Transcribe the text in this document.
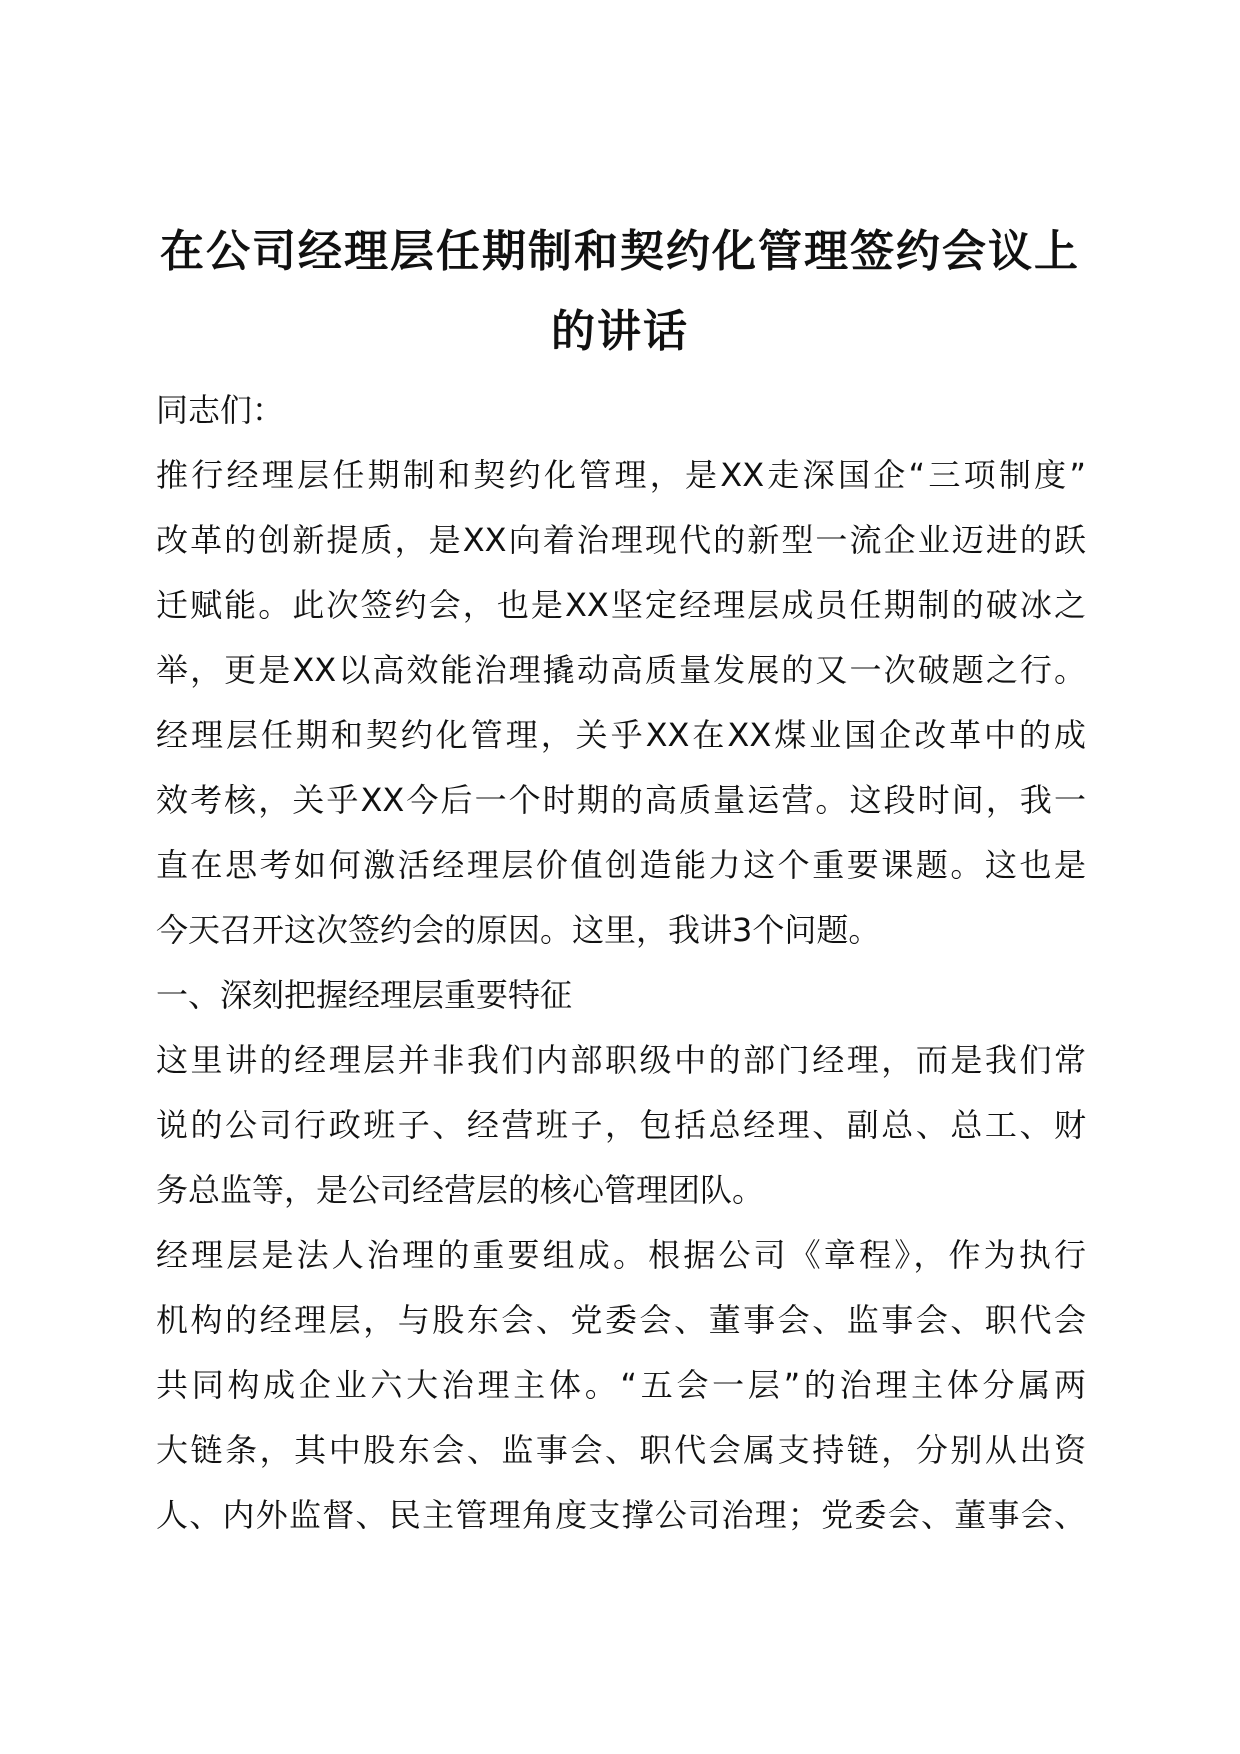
在公司经理层任期制和契约化管理签约会议上
的讲话
同志们：
推行经理层任期制和契约化管理，是XX走深国企“三项制度”
改革的创新提质，是XX向着治理现代的新型一流企业迈进的跃
迁赋能。此次签约会，也是XX坚定经理层成员任期制的破冰之
举，更是XX以高效能治理撬动高质量发展的又一次破题之行。
经理层任期和契约化管理，关乎XX在XX煤业国企改革中的成
效考核，关乎XX今后一个时期的高质量运营。这段时间，我一
直在思考如何激活经理层价值创造能力这个重要课题。这也是
今天召开这次签约会的原因。这里，我讲3个问题。
一、深刻把握经理层重要特征
这里讲的经理层并非我们内部职级中的部门经理，而是我们常
说的公司行政班子、经营班子，包括总经理、副总、总工、财
务总监等，是公司经营层的核心管理团队。
经理层是法人治理的重要组成。根据公司《章程》，作为执行
机构的经理层，与股东会、党委会、董事会、监事会、职代会
共同构成企业六大治理主体。“五会一层”的治理主体分属两
大链条，其中股东会、监事会、职代会属支持链，分别从出资
人、内外监督、民主管理角度支撑公司治理；党委会、董事会、
